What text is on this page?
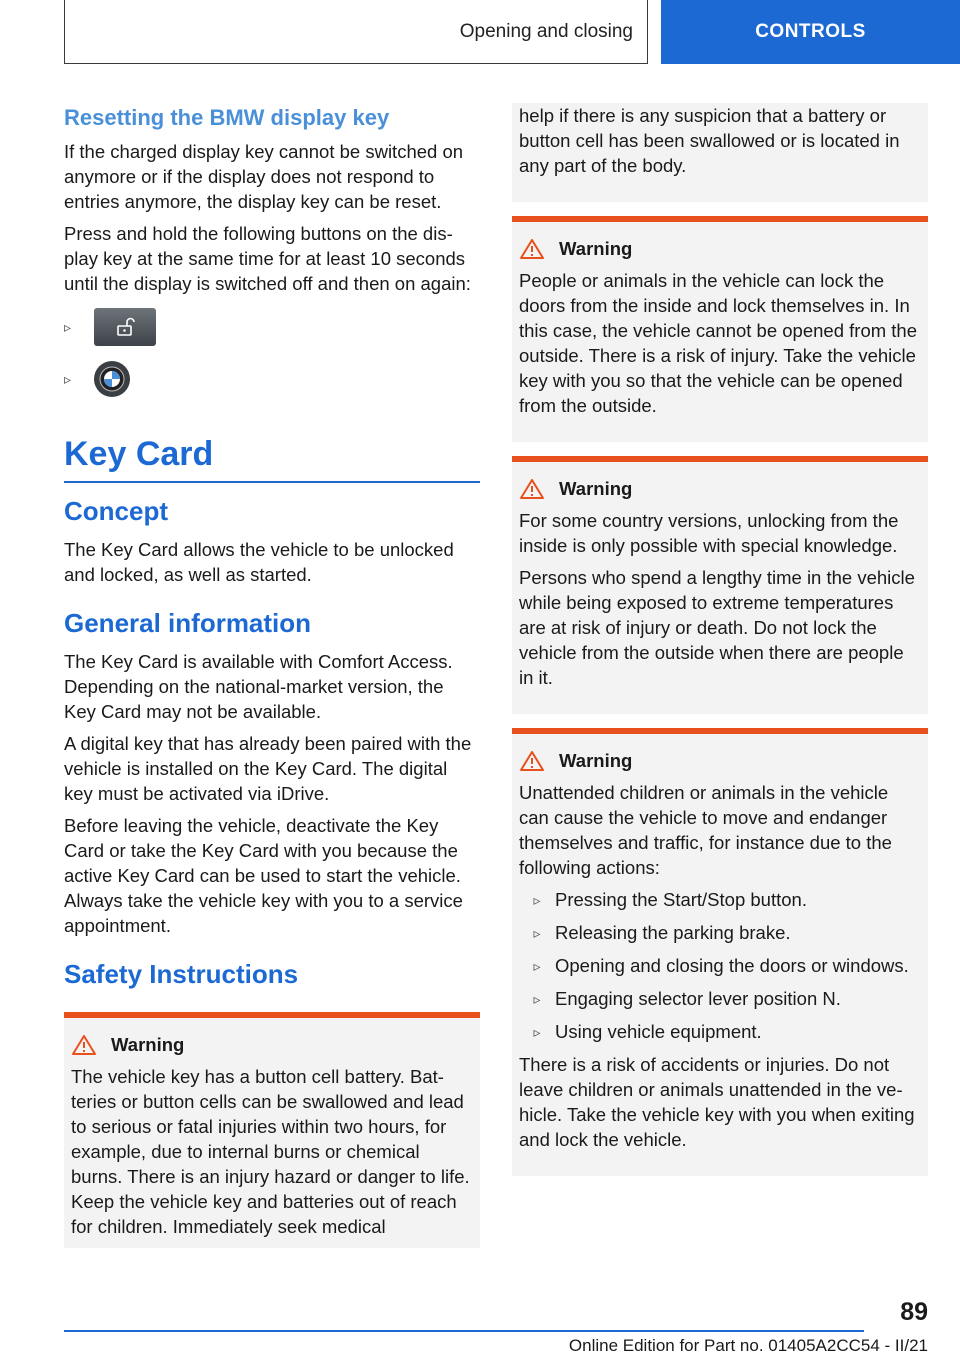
Opening and closing	CONTROLS
Resetting the BMW display key

If the charged display key cannot be switched on anymore or if the display does not respond to entries anymore, the display key can be reset.

Press and hold the following buttons on the display key at the same time for at least 10 seconds until the display is switched off and then on again:

▹
▹
Key Card
Concept

The Key Card allows the vehicle to be unlocked and locked, as well as started.

General information

The Key Card is available with Comfort Access. Depending on the national-market version, the Key Card may not be available.

A digital key that has already been paired with the vehicle is installed on the Key Card. The digital key must be activated via iDrive.

Before leaving the vehicle, deactivate the Key Card or take the Key Card with you because the active Key Card can be used to start the vehicle. Always take the vehicle key with you to a service appointment.

Safety Instructions
Warning

The vehicle key has a button cell battery. Batteries or button cells can be swallowed and lead to serious or fatal injuries within two hours, for example, due to internal burns or chemical burns. There is an injury hazard or danger to life. Keep the vehicle key and batteries out of reach for children. Immediately seek medical

help if there is any suspicion that a battery or button cell has been swallowed or is located in any part of the body.

Warning

People or animals in the vehicle can lock the doors from the inside and lock themselves in. In this case, the vehicle cannot be opened from the outside. There is a risk of injury. Take the vehicle key with you so that the vehicle can be opened from the outside.

Warning

For some country versions, unlocking from the inside is only possible with special knowledge.

Persons who spend a lengthy time in the vehicle while being exposed to extreme temperatures are at risk of injury or death. Do not lock the vehicle from the outside when there are people in it.

Warning

Unattended children or animals in the vehicle can cause the vehicle to move and endanger themselves and traffic, for instance due to the following actions:

▹ Pressing the Start/Stop button.
▹ Releasing the parking brake.
▹ Opening and closing the doors or windows.
▹ Engaging selector lever position N.
▹ Using vehicle equipment.

There is a risk of accidents or injuries. Do not leave children or animals unattended in the vehicle. Take the vehicle key with you when exiting and lock the vehicle.

89
Online Edition for Part no. 01405A2CC54 - II/21
